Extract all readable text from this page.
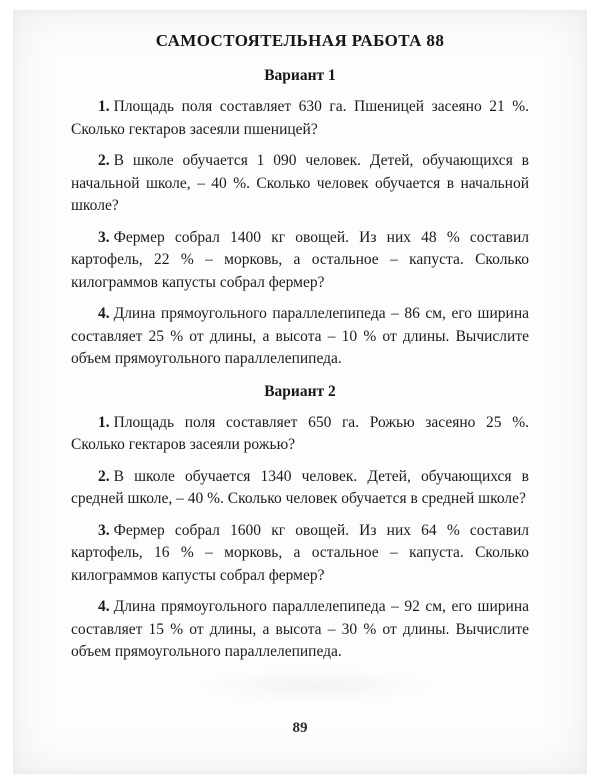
САМОСТОЯТЕЛЬНАЯ РАБОТА 88
Вариант 1

1. Площадь поля составляет 630 га. Пшеницей засеяно 21 %. Сколько гектаров засеяли пшеницей?

2. В школе обучается 1 090 человек. Детей, обучающихся в начальной школе, – 40 %. Сколько человек обучается в начальной школе?

3. Фермер собрал 1400 кг овощей. Из них 48 % составил картофель, 22 % – морковь, а остальное – капуста. Сколько килограммов капусты собрал фермер?

4. Длина прямоугольного параллелепипеда – 86 см, его ширина составляет 25 % от длины, а высота – 10 % от длины. Вычислите объем прямоугольного параллелепипеда.

Вариант 2

1. Площадь поля составляет 650 га. Рожью засеяно 25 %. Сколько гектаров засеяли рожью?

2. В школе обучается 1340 человек. Детей, обучающихся в средней школе, – 40 %. Сколько человек обучается в средней школе?

3. Фермер собрал 1600 кг овощей. Из них 64 % составил картофель, 16 % – морковь, а остальное – капуста. Сколько килограммов капусты собрал фермер?

4. Длина прямоугольного параллелепипеда – 92 см, его ширина составляет 15 % от длины, а высота – 30 % от длины. Вычислите объем прямоугольного параллелепипеда.

89
